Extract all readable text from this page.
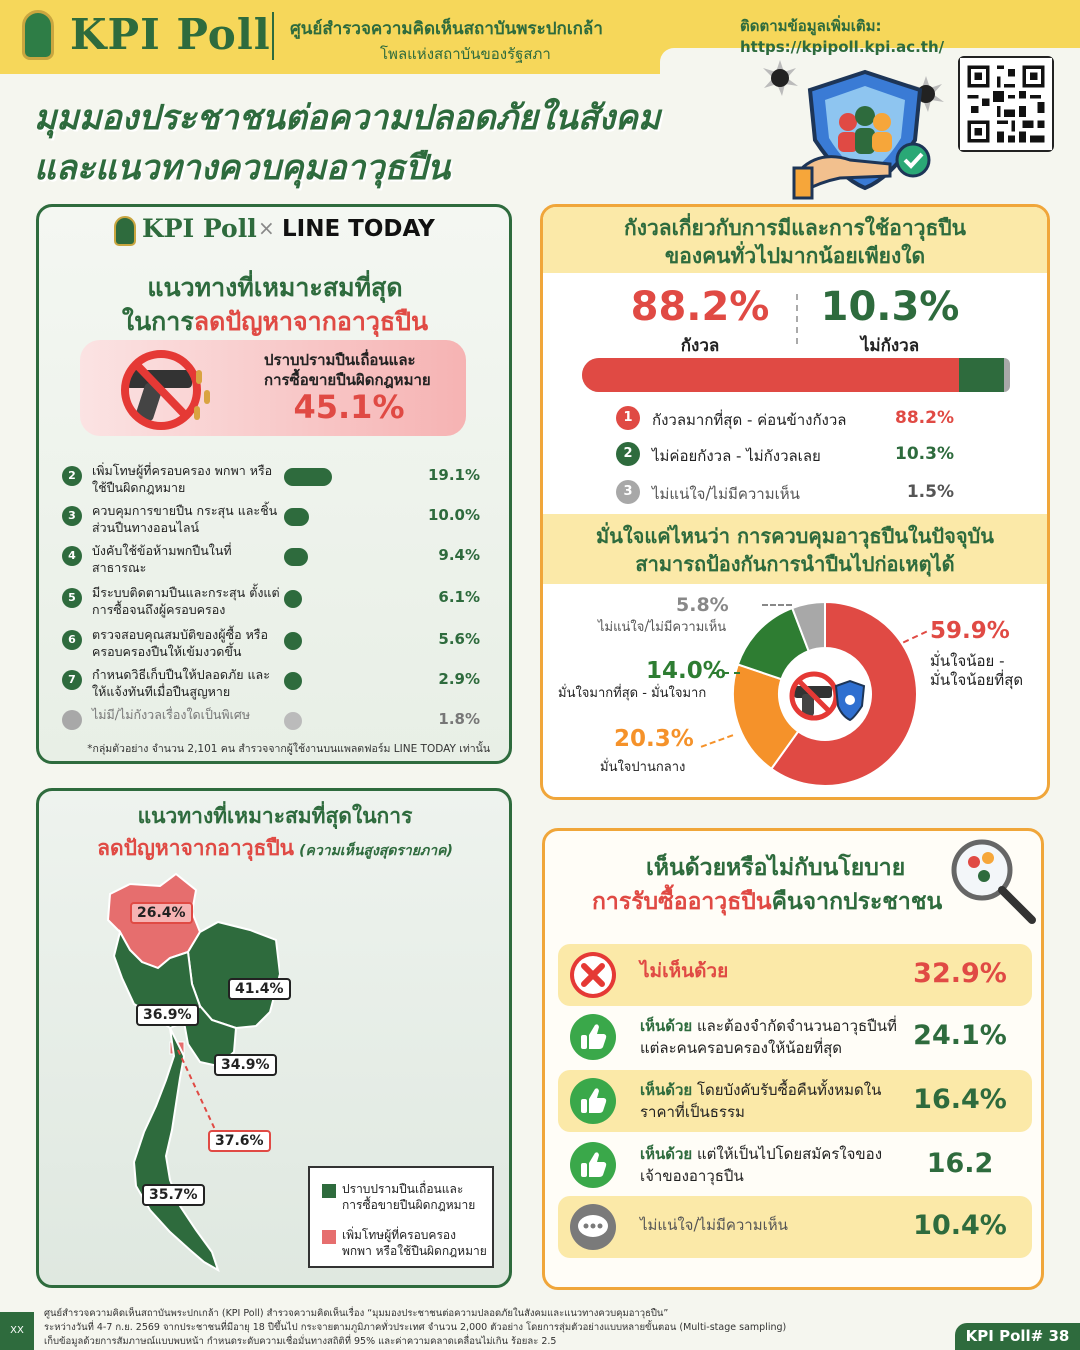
KPI Poll ศูนย์สำรวจความคิดเห็นสถาบันพระปกเกล้า
โพลแห่งสถาบันของรัฐสภา
ติดตามข้อมูลเพิ่มเติม: https://kpipoll.kpi.ac.th/
มุมมองประชาชนต่อความปลอดภัยในสังคม
และแนวทางควบคุมอาวุธปืน
KPI Poll × LINE TODAY
แนวทางที่เหมาะสมที่สุด
ในการลดปัญหาจากอาวุธปืน
ปราบปรามปืนเถื่อนและ
การซื้อขายปืนผิดกฎหมาย
45.1%
*กลุ่มตัวอย่าง จำนวน 2,101 คน สำรวจจากผู้ใช้งานบนแพลตฟอร์ม LINE TODAY เท่านั้น
กังวลเกี่ยวกับการมีและการใช้อาวุธปืน
ของคนทั่วไปมากน้อยเพียงใด
88.2%
กังวล
10.3%
ไม่กังวล
มั่นใจแค่ไหนว่า การควบคุมอาวุธปืนในปัจจุบัน
สามารถป้องกันการนำปืนไปก่อเหตุได้
แนวทางที่เหมาะสมที่สุดในการ
ลดปัญหาจากอาวุธปืน (ความเห็นสูงสุดรายภาค)
26.4%
41.4%
36.9%
34.9%
37.6%
35.7%	ปราบปรามปืนเถื่อนและ
การซื้อขายปืนผิดกฎหมาย
เพิ่มโทษผู้ที่ครอบครอง
พกพา หรือใช้ปืนผิดกฎหมาย
เห็นด้วยหรือไม่กับนโยบาย
การรับซื้ออาวุธปืนคืนจากประชาชน
XX
ศูนย์สำรวจความคิดเห็นสถาบันพระปกเกล้า (KPI Poll) สำรวจความคิดเห็นเรื่อง “มุมมองประชาชนต่อความปลอดภัยในสังคมและแนวทางควบคุมอาวุธปืน”
ระหว่างวันที่ 4-7 ก.ย. 2569 จากประชาชนที่มีอายุ 18 ปีขึ้นไป กระจายตามภูมิภาคทั่วประเทศ จำนวน 2,000 ตัวอย่าง โดยการสุ่มตัวอย่างแบบหลายขั้นตอน (Multi-stage sampling)
เก็บข้อมูลด้วยการสัมภาษณ์แบบพบหน้า กำหนดระดับความเชื่อมั่นทางสถิติที่ 95% และค่าความคลาดเคลื่อนไม่เกิน ร้อยละ 2.5	KPI Poll# 38
2	เพิ่มโทษผู้ที่ครอบครอง พกพา หรือใช้ปืนผิดกฎหมาย
19.1%
3	ควบคุมการขายปืน กระสุน และชิ้นส่วนปืนทางออนไลน์
10.0%
4	บังคับใช้ข้อห้ามพกปืนในที่สาธารณะ
9.4%
5	มีระบบติดตามปืนและกระสุน ตั้งแต่การซื้อจนถึงผู้ครอบครอง
6.1%
6	ตรวจสอบคุณสมบัติของผู้ซื้อ หรือครอบครองปืนให้เข้มงวดขึ้น
5.6%
7	กำหนดวิธีเก็บปืนให้ปลอดภัย และให้แจ้งทันทีเมื่อปืนสูญหาย
2.9%
ไม่มี/ไม่กังวลเรื่องใดเป็นพิเศษ	1.8%
1	กังวลมากที่สุด - ค่อนข้างกังวล	88.2%
2	ไม่ค่อยกังวล - ไม่กังวลเลย	10.3%
3	ไม่แน่ใจ/ไม่มีความเห็น	1.5%
59.9%
มั่นใจน้อย -
มั่นใจน้อยที่สุด
20.3%
มั่นใจปานกลาง
14.0%
มั่นใจมากที่สุด - มั่นใจมาก
5.8%
ไม่แน่ใจ/ไม่มีความเห็น
ไม่เห็นด้วย	32.9%
เห็นด้วย และต้องจำกัดจำนวนอาวุธปืนที่แต่ละคนครอบครองให้น้อยที่สุด	24.1%
เห็นด้วย โดยบังคับรับซื้อคืนทั้งหมดในราคาที่เป็นธรรม	16.4%
เห็นด้วย แต่ให้เป็นไปโดยสมัครใจของเจ้าของอาวุธปืน	16.2
ไม่แน่ใจ/ไม่มีความเห็น	10.4%
